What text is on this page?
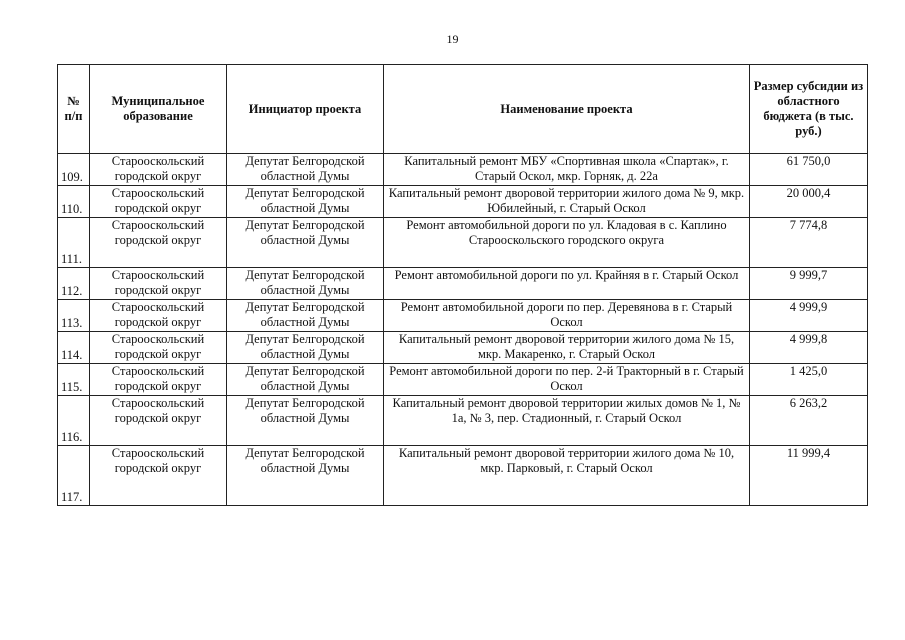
19
№ п/п	Муниципальное образование	Инициатор проекта	Наименование проекта	Размер субсидии из областного бюджета (в тыс. руб.)
109.	Старооскольский городской округ	Депутат Белгородской областной Думы	Капитальный ремонт МБУ «Спортивная школа «Спартак», г. Старый Оскол, мкр. Горняк, д. 22а	61 750,0
110.	Старооскольский городской округ	Депутат Белгородской областной Думы	Капитальный ремонт дворовой территории жилого дома № 9, мкр. Юбилейный, г. Старый Оскол	20 000,4
111.	Старооскольский городской округ	Депутат Белгородской областной Думы	Ремонт автомобильной дороги по ул. Кладовая в с. Каплино Старооскольского городского округа	7 774,8
112.	Старооскольский городской округ	Депутат Белгородской областной Думы	Ремонт автомобильной дороги по ул. Крайняя в г. Старый Оскол	9 999,7
113.	Старооскольский городской округ	Депутат Белгородской областной Думы	Ремонт автомобильной дороги по пер. Деревянова в г. Старый Оскол	4 999,9
114.	Старооскольский городской округ	Депутат Белгородской областной Думы	Капитальный ремонт дворовой территории жилого дома № 15, мкр. Макаренко, г. Старый Оскол	4 999,8
115.	Старооскольский городской округ	Депутат Белгородской областной Думы	Ремонт автомобильной дороги по пер. 2-й Тракторный в г. Старый Оскол	1 425,0
116.	Старооскольский городской округ	Депутат Белгородской областной Думы	Капитальный ремонт дворовой территории жилых домов № 1, № 1а, № 3, пер. Стадионный, г. Старый Оскол	6 263,2
117.	Старооскольский городской округ	Депутат Белгородской областной Думы	Капитальный ремонт дворовой территории жилого дома № 10, мкр. Парковый, г. Старый Оскол	11 999,4
